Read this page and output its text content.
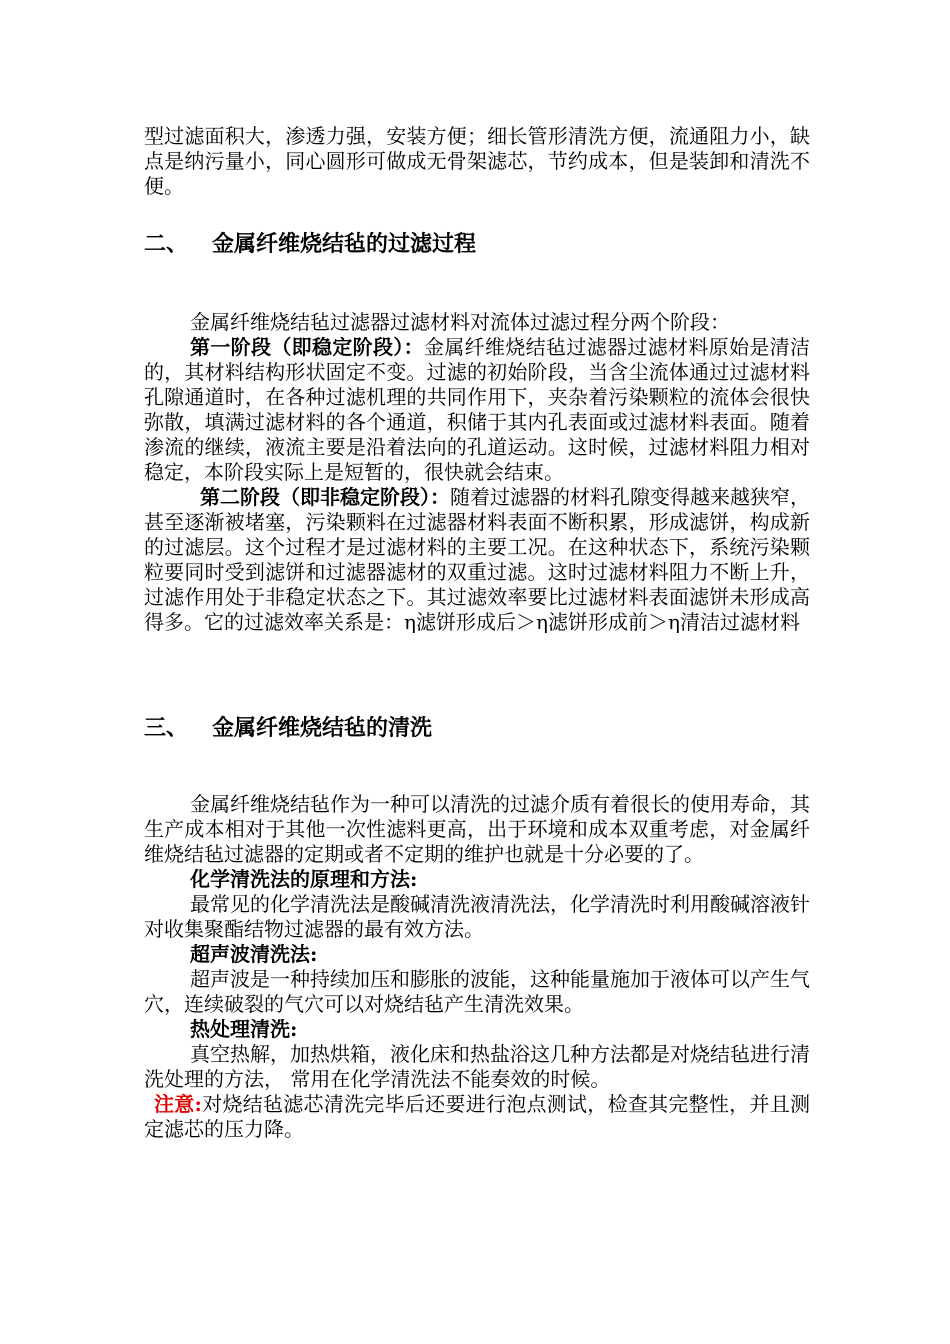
型过滤面积大，渗透力强，安装方便；细长管形清洗方便，流通阻力小，缺点是纳污量小，同心圆形可做成无骨架滤芯，节约成本，但是装卸和清洗不便。

二、 金属纤维烧结毡的过滤过程

金属纤维烧结毡过滤器过滤材料对流体过滤过程分两个阶段：

第一阶段（即稳定阶段）：金属纤维烧结毡过滤器过滤材料原始是清洁的，其材料结构形状固定不变。过滤的初始阶段，当含尘流体通过过滤材料孔隙通道时，在各种过滤机理的共同作用下，夹杂着污染颗粒的流体会很快弥散，填满过滤材料的各个通道，积储于其内孔表面或过滤材料表面。随着渗流的继续，液流主要是沿着法向的孔道运动。这时候，过滤材料阻力相对稳定，本阶段实际上是短暂的，很快就会结束。

第二阶段（即非稳定阶段）：随着过滤器的材料孔隙变得越来越狭窄，甚至逐渐被堵塞，污染颗料在过滤器材料表面不断积累，形成滤饼，构成新的过滤层。这个过程才是过滤材料的主要工况。在这种状态下，系统污染颗粒要同时受到滤饼和过滤器滤材的双重过滤。这时过滤材料阻力不断上升，过滤作用处于非稳定状态之下。其过滤效率要比过滤材料表面滤饼未形成高得多。它的过滤效率关系是：η滤饼形成后＞η滤饼形成前＞η清洁过滤材料

三、 金属纤维烧结毡的清洗

金属纤维烧结毡作为一种可以清洗的过滤介质有着很长的使用寿命，其生产成本相对于其他一次性滤料更高，出于环境和成本双重考虑，对金属纤维烧结毡过滤器的定期或者不定期的维护也就是十分必要的了。

化学清洗法的原理和方法:

最常见的化学清洗法是酸碱清洗液清洗法，化学清洗时利用酸碱溶液针对收集聚酯结物过滤器的最有效方法。

超声波清洗法:

超声波是一种持续加压和膨胀的波能，这种能量施加于液体可以产生气穴，连续破裂的气穴可以对烧结毡产生清洗效果。

热处理清洗:

真空热解，加热烘箱，液化床和热盐浴这几种方法都是对烧结毡进行清洗处理的方法， 常用在化学清洗法不能奏效的时候。

注意:对烧结毡滤芯清洗完毕后还要进行泡点测试，检查其完整性，并且测定滤芯的压力降。
